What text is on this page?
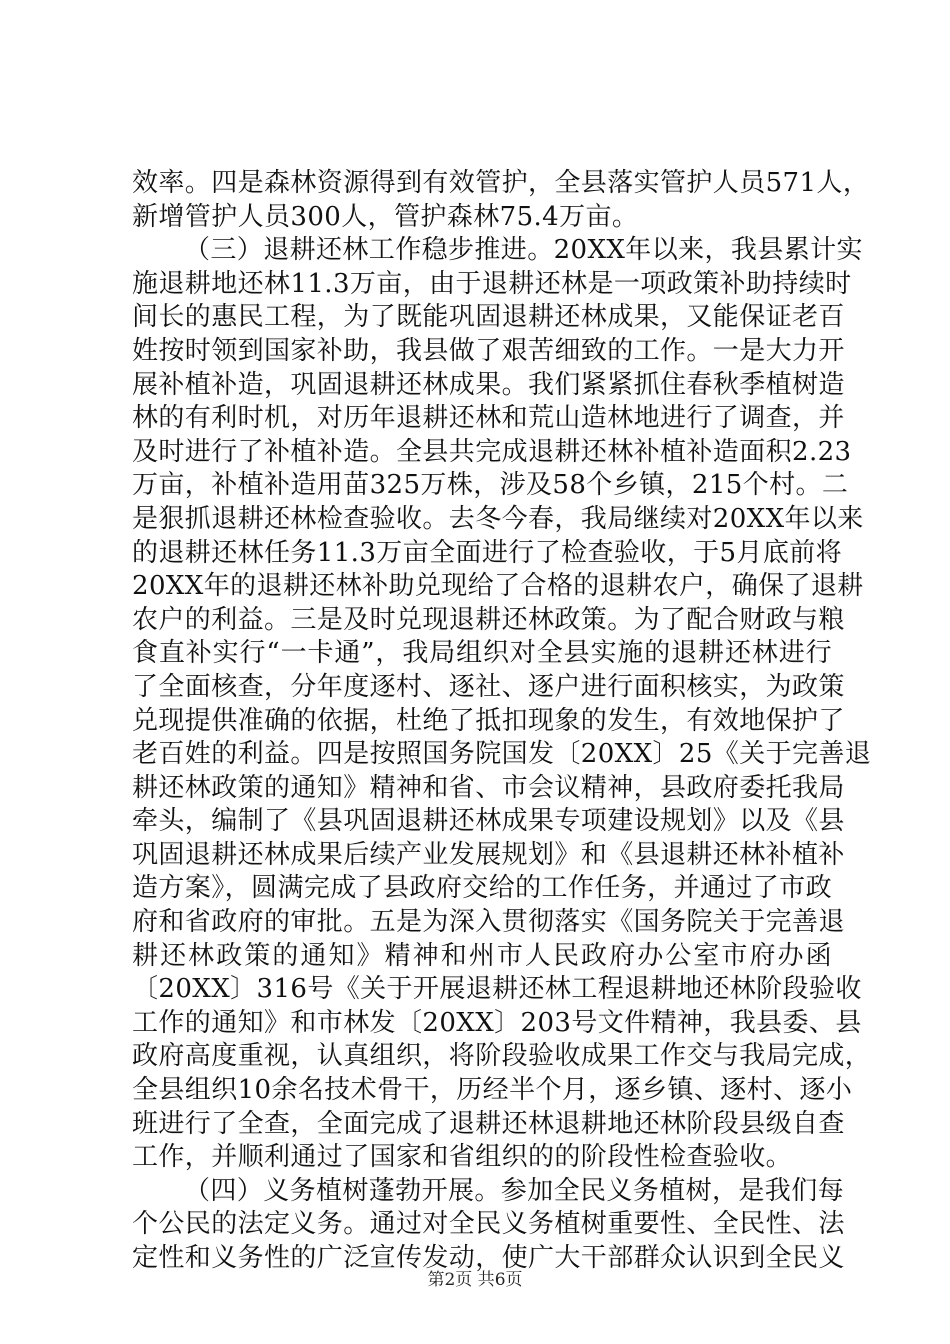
效率。四是森林资源得到有效管护，全县落实管护人员571人，
新增管护人员300人，管护森林75.4万亩。
（三）退耕还林工作稳步推进。20XX年以来，我县累计实
施退耕地还林11.3万亩，由于退耕还林是一项政策补助持续时
间长的惠民工程，为了既能巩固退耕还林成果，又能保证老百
姓按时领到国家补助，我县做了艰苦细致的工作。一是大力开
展补植补造，巩固退耕还林成果。我们紧紧抓住春秋季植树造
林的有利时机，对历年退耕还林和荒山造林地进行了调查，并
及时进行了补植补造。全县共完成退耕还林补植补造面积2.23
万亩，补植补造用苗325万株，涉及58个乡镇，215个村。二
是狠抓退耕还林检查验收。去冬今春，我局继续对20XX年以来
的退耕还林任务11.3万亩全面进行了检查验收，于5月底前将
20XX年的退耕还林补助兑现给了合格的退耕农户，确保了退耕
农户的利益。三是及时兑现退耕还林政策。为了配合财政与粮
食直补实行“一卡通”，我局组织对全县实施的退耕还林进行
了全面核查，分年度逐村、逐社、逐户进行面积核实，为政策
兑现提供准确的依据，杜绝了抵扣现象的发生，有效地保护了
老百姓的利益。四是按照国务院国发〔20XX〕25《关于完善退
耕还林政策的通知》精神和省、市会议精神，县政府委托我局
牵头，编制了《县巩固退耕还林成果专项建设规划》以及《县
巩固退耕还林成果后续产业发展规划》和《县退耕还林补植补
造方案》，圆满完成了县政府交给的工作任务，并通过了市政
府和省政府的审批。五是为深入贯彻落实《国务院关于完善退
耕还林政策的通知》精神和州市人民政府办公室市府办函
〔20XX〕316号《关于开展退耕还林工程退耕地还林阶段验收
工作的通知》和市林发〔20XX〕203号文件精神，我县委、县
政府高度重视，认真组织，将阶段验收成果工作交与我局完成，
全县组织10余名技术骨干，历经半个月，逐乡镇、逐村、逐小
班进行了全查，全面完成了退耕还林退耕地还林阶段县级自查
工作，并顺利通过了国家和省组织的的阶段性检查验收。
（四）义务植树蓬勃开展。参加全民义务植树，是我们每
个公民的法定义务。通过对全民义务植树重要性、全民性、法
定性和义务性的广泛宣传发动，使广大干部群众认识到全民义
第2页 共6页
